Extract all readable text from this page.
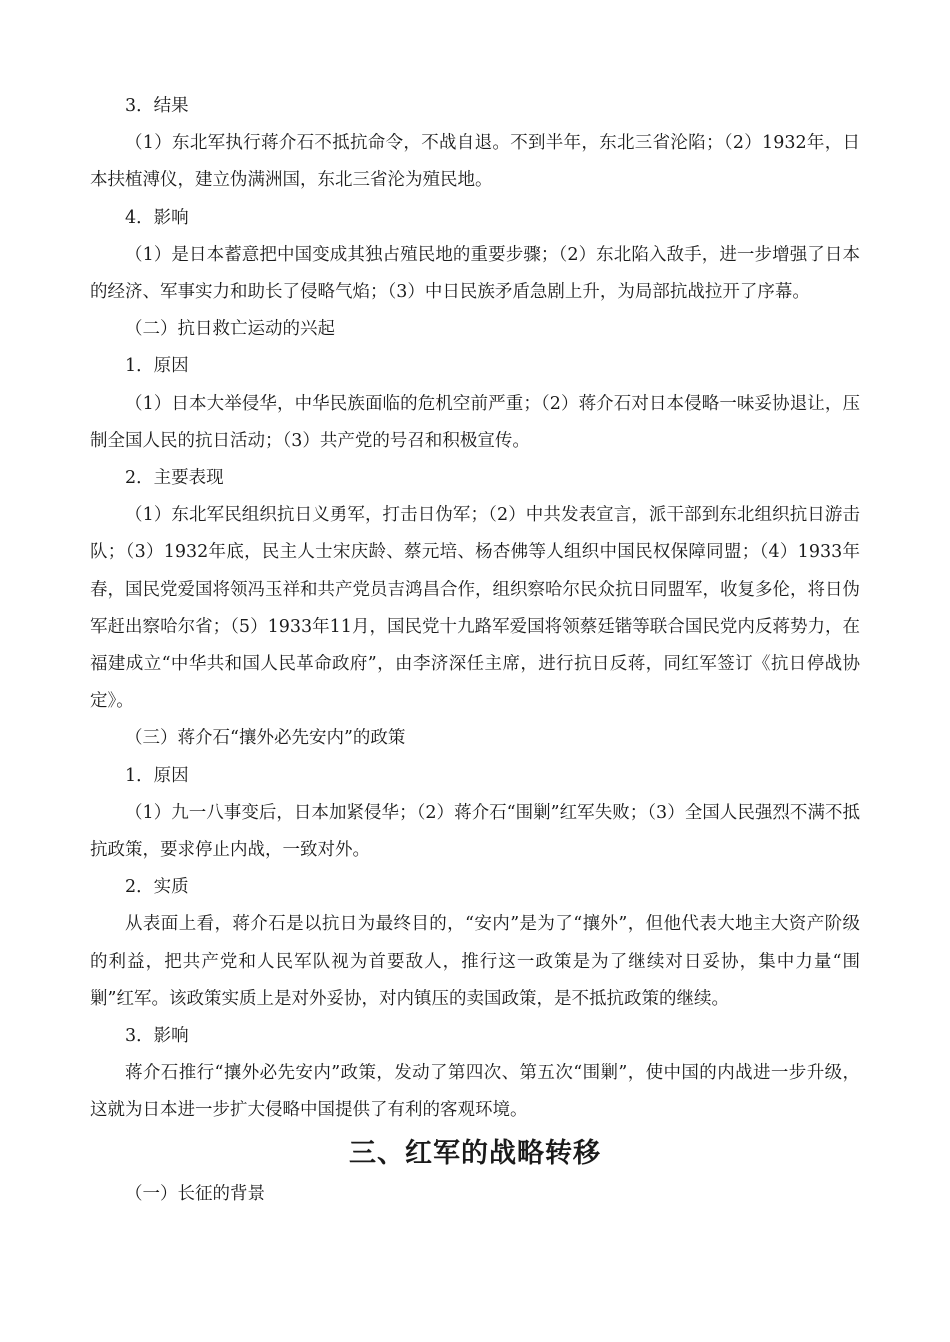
3．结果

（1）东北军执行蒋介石不抵抗命令，不战自退。不到半年，东北三省沦陷；（2）1932年，日本扶植溥仪，建立伪满洲国，东北三省沦为殖民地。

4．影响

（1）是日本蓄意把中国变成其独占殖民地的重要步骤；（2）东北陷入敌手，进一步增强了日本的经济、军事实力和助长了侵略气焰；（3）中日民族矛盾急剧上升，为局部抗战拉开了序幕。

（二）抗日救亡运动的兴起

1．原因

（1）日本大举侵华，中华民族面临的危机空前严重；（2）蒋介石对日本侵略一味妥协退让，压制全国人民的抗日活动；（3）共产党的号召和积极宣传。

2．主要表现

（1）东北军民组织抗日义勇军，打击日伪军；（2）中共发表宣言，派干部到东北组织抗日游击队；（3）1932年底，民主人士宋庆龄、蔡元培、杨杏佛等人组织中国民权保障同盟；（4）1933年春，国民党爱国将领冯玉祥和共产党员吉鸿昌合作，组织察哈尔民众抗日同盟军，收复多伦，将日伪军赶出察哈尔省；（5）1933年11月，国民党十九路军爱国将领蔡廷锴等联合国民党内反蒋势力，在福建成立“中华共和国人民革命政府”，由李济深任主席，进行抗日反蒋，同红军签订《抗日停战协定》。

（三）蒋介石“攘外必先安内”的政策

1．原因

（1）九一八事变后，日本加紧侵华；（2）蒋介石“围剿”红军失败；（3）全国人民强烈不满不抵抗政策，要求停止内战，一致对外。

2．实质

从表面上看，蒋介石是以抗日为最终目的，“安内”是为了“攘外”，但他代表大地主大资产阶级的利益，把共产党和人民军队视为首要敌人，推行这一政策是为了继续对日妥协，集中力量“围剿”红军。该政策实质上是对外妥协，对内镇压的卖国政策，是不抵抗政策的继续。

3．影响

蒋介石推行“攘外必先安内”政策，发动了第四次、第五次“围剿”，使中国的内战进一步升级，这就为日本进一步扩大侵略中国提供了有利的客观环境。

三、红军的战略转移

（一）长征的背景
